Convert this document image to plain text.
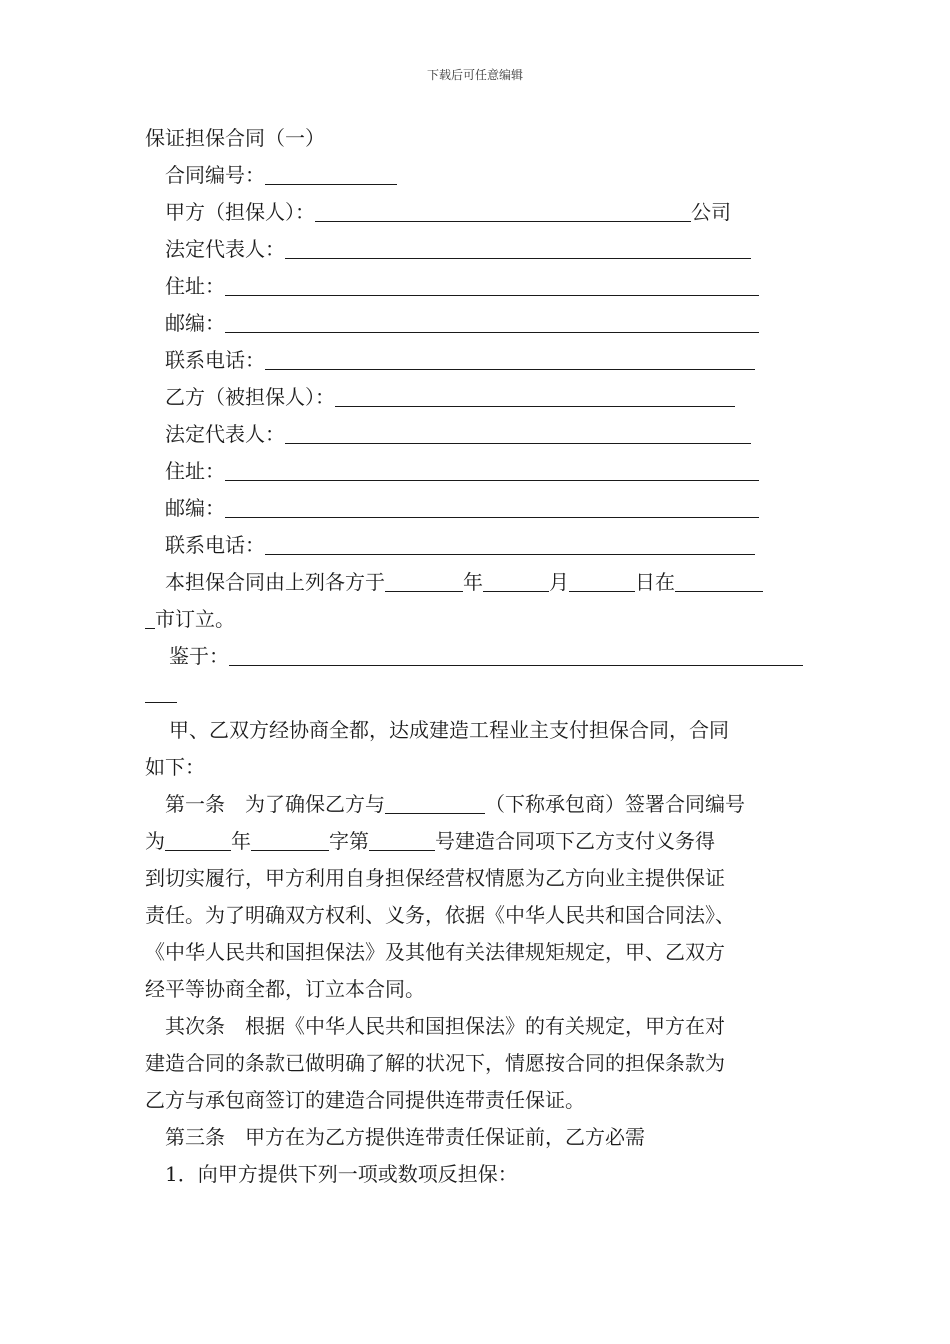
下载后可任意编辑
保证担保合同（一）
合同编号：
甲方（担保人）：	公司
法定代表人：
住址：
邮编：
联系电话：
乙方（被担保人）：
法定代表人：
住址：
邮编：
联系电话：
本担保合同由上列各方于	年	月	日在
市订立。
鉴于：
甲、乙双方经协商全都，达成建造工程业主支付担保合同，合同
如下：
第一条　为了确保乙方与	（下称承包商）签署合同编号
为	年	字第	号建造合同项下乙方支付义务得
到切实履行，甲方利用自身担保经营权情愿为乙方向业主提供保证
责任。为了明确双方权利、义务，依据《中华人民共和国合同法》、
《中华人民共和国担保法》及其他有关法律规矩规定，甲、乙双方
经平等协商全都，订立本合同。
其次条　根据《中华人民共和国担保法》的有关规定，甲方在对
建造合同的条款已做明确了解的状况下，情愿按合同的担保条款为
乙方与承包商签订的建造合同提供连带责任保证。
第三条　甲方在为乙方提供连带责任保证前，乙方必需
1．向甲方提供下列一项或数项反担保：
